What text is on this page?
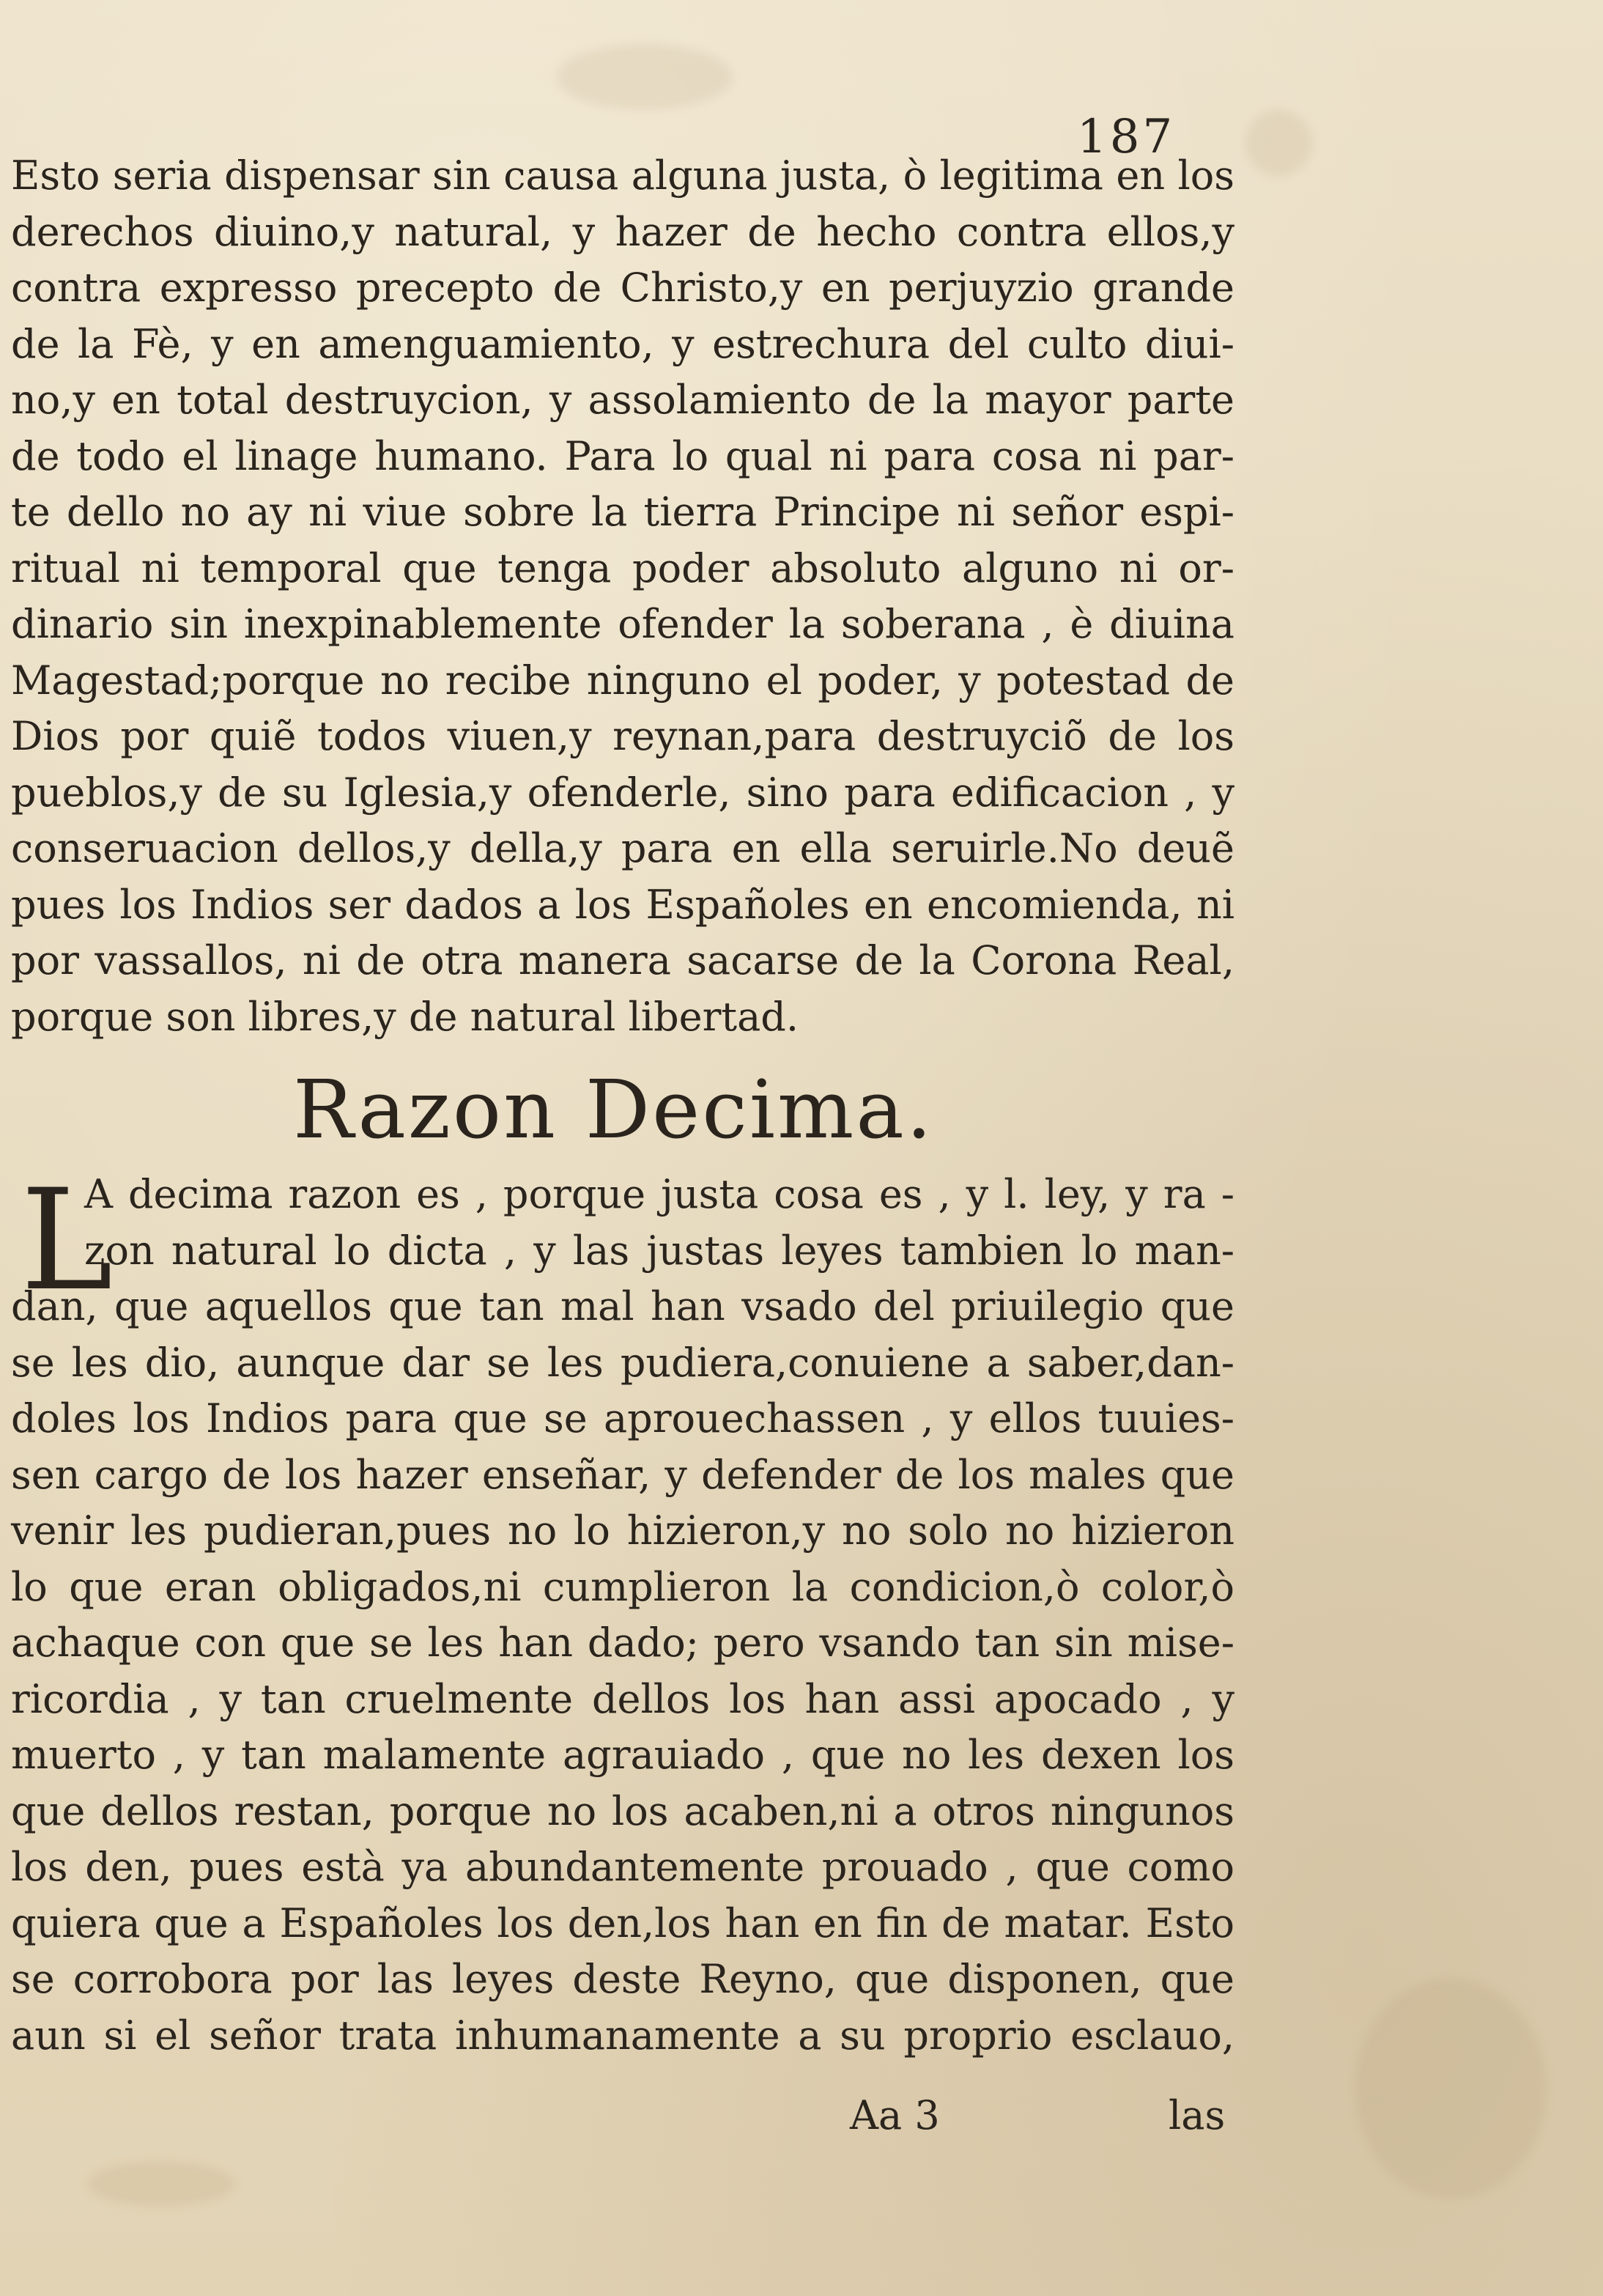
187
Esto seria dispensar sin causa alguna justa, ò legitima en los
derechos diuino,y natural, y hazer de hecho contra ellos,y
contra expresso precepto de Christo,y en perjuyzio grande
de la Fè, y en amenguamiento, y estrechura del culto diui-
no,y en total destruycion, y assolamiento de la mayor parte
de todo el linage humano. Para lo qual ni para cosa ni par-
te dello no ay ni viue sobre la tierra Principe ni señor espi-
ritual ni temporal que tenga poder absoluto alguno ni or-
dinario sin inexpinablemente ofender la soberana , è diuina
Magestad;porque no recibe ninguno el poder, y potestad de
Dios por quiẽ todos viuen,y reynan,para destruyciõ de los
pueblos,y de su Iglesia,y ofenderle, sino para edificacion , y
conseruacion dellos,y della,y para en ella seruirle.No deuẽ
pues los Indios ser dados a los Españoles en encomienda, ni
por vassallos, ni de otra manera sacarse de la Corona Real,
porque son libres,y de natural libertad.
Razon Decima.
L
A decima razon es , porque justa cosa es , y l. ley, y ra -
zon natural lo dicta , y las justas leyes tambien lo man-
dan, que aquellos que tan mal han vsado del priuilegio que
se les dio, aunque dar se les pudiera,conuiene a saber,dan-
doles los Indios para que se aprouechassen , y ellos tuuies-
sen cargo de los hazer enseñar, y defender de los males que
venir les pudieran,pues no lo hizieron,y no solo no hizieron
lo que eran obligados,ni cumplieron la condicion,ò color,ò
achaque con que se les han dado; pero vsando tan sin mise-
ricordia , y tan cruelmente dellos los han assi apocado , y
muerto , y tan malamente agrauiado , que no les dexen los
que dellos restan, porque no los acaben,ni a otros ningunos
los den, pues està ya abundantemente prouado , que como
quiera que a Españoles los den,los han en fin de matar. Esto
se corrobora por las leyes deste Reyno, que disponen, que
aun si el señor trata inhumanamente a su proprio esclauo,
Aa 3	las
